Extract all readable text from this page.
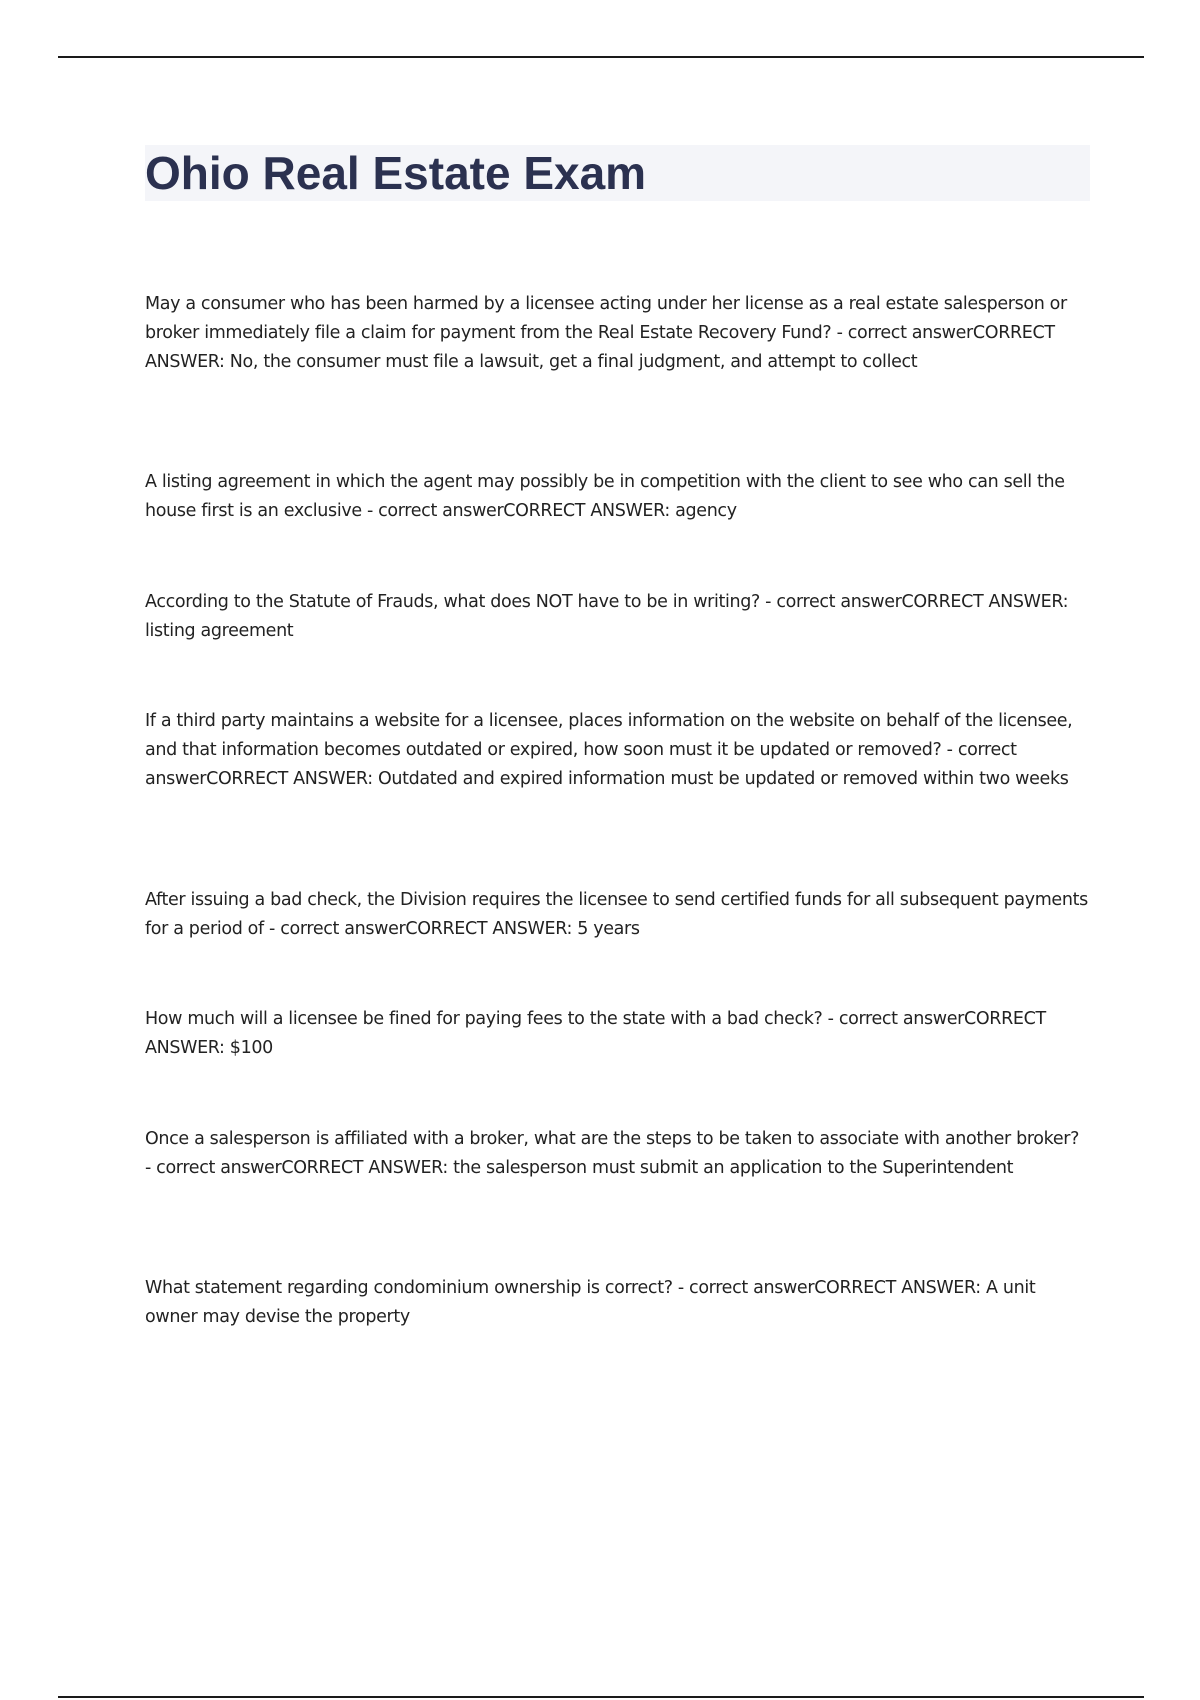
Ohio Real Estate Exam

May a consumer who has been harmed by a licensee acting under her license as a real estate salesperson or broker immediately file a claim for payment from the Real Estate Recovery Fund? - correct answerCORRECT ANSWER: No, the consumer must file a lawsuit, get a final judgment, and attempt to collect

A listing agreement in which the agent may possibly be in competition with the client to see who can sell the house first is an exclusive - correct answerCORRECT ANSWER: agency

According to the Statute of Frauds, what does NOT have to be in writing? - correct answerCORRECT ANSWER: listing agreement

If a third party maintains a website for a licensee, places information on the website on behalf of the licensee, and that information becomes outdated or expired, how soon must it be updated or removed? - correct answerCORRECT ANSWER: Outdated and expired information must be updated or removed within two weeks

After issuing a bad check, the Division requires the licensee to send certified funds for all subsequent payments for a period of - correct answerCORRECT ANSWER: 5 years

How much will a licensee be fined for paying fees to the state with a bad check? - correct answerCORRECT ANSWER: $100

Once a salesperson is affiliated with a broker, what are the steps to be taken to associate with another broker? - correct answerCORRECT ANSWER: the salesperson must submit an application to the Superintendent

What statement regarding condominium ownership is correct? - correct answerCORRECT ANSWER: A unit owner may devise the property
